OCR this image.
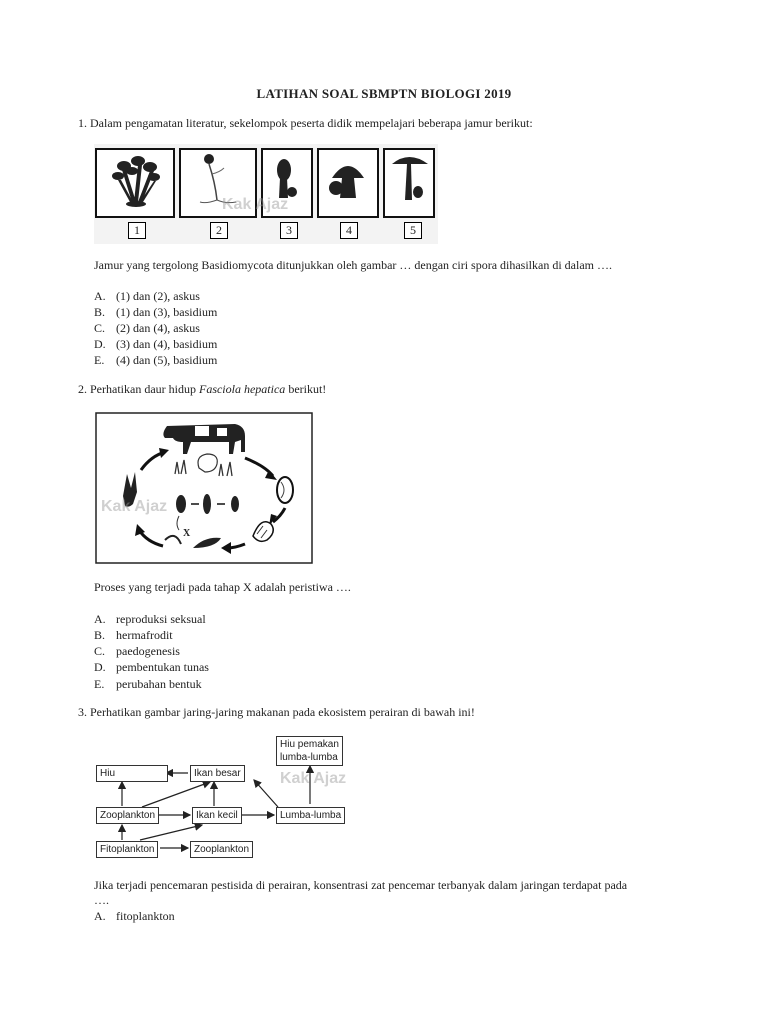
LATIHAN SOAL SBMPTN BIOLOGI 2019
1. Dalam pengamatan literatur, sekelompok peserta didik mempelajari beberapa jamur berikut:
Kak Ajaz
1	2	3	4	5
Jamur yang tergolong Basidiomycota ditunjukkan oleh gambar … dengan ciri spora dihasilkan di dalam ….
A. (1) dan (2), askus
B. (1) dan (3), basidium
C. (2) dan (4), askus
D. (3) dan (4), basidium
E. (4) dan (5), basidium
2. Perhatikan daur hidup Fasciola hepatica berikut!
X
Kak Ajaz
Proses yang terjadi pada tahap X adalah peristiwa ….
A. reproduksi seksual
B. hermafrodit
C. paedogenesis
D. pembentukan tunas
E. perubahan bentuk
3. Perhatikan gambar jaring-jaring makanan pada ekosistem perairan di bawah ini!
Hiu pemakan
lumba-lumba
Hiu	Ikan besar
Zooplankton	Ikan kecil	Lumba-lumba
Fitoplankton	Zooplankton
Kak Ajaz
Jika terjadi pencemaran pestisida di perairan, konsentrasi zat pencemar terbanyak dalam jaringan terdapat pada
….
A. fitoplankton
